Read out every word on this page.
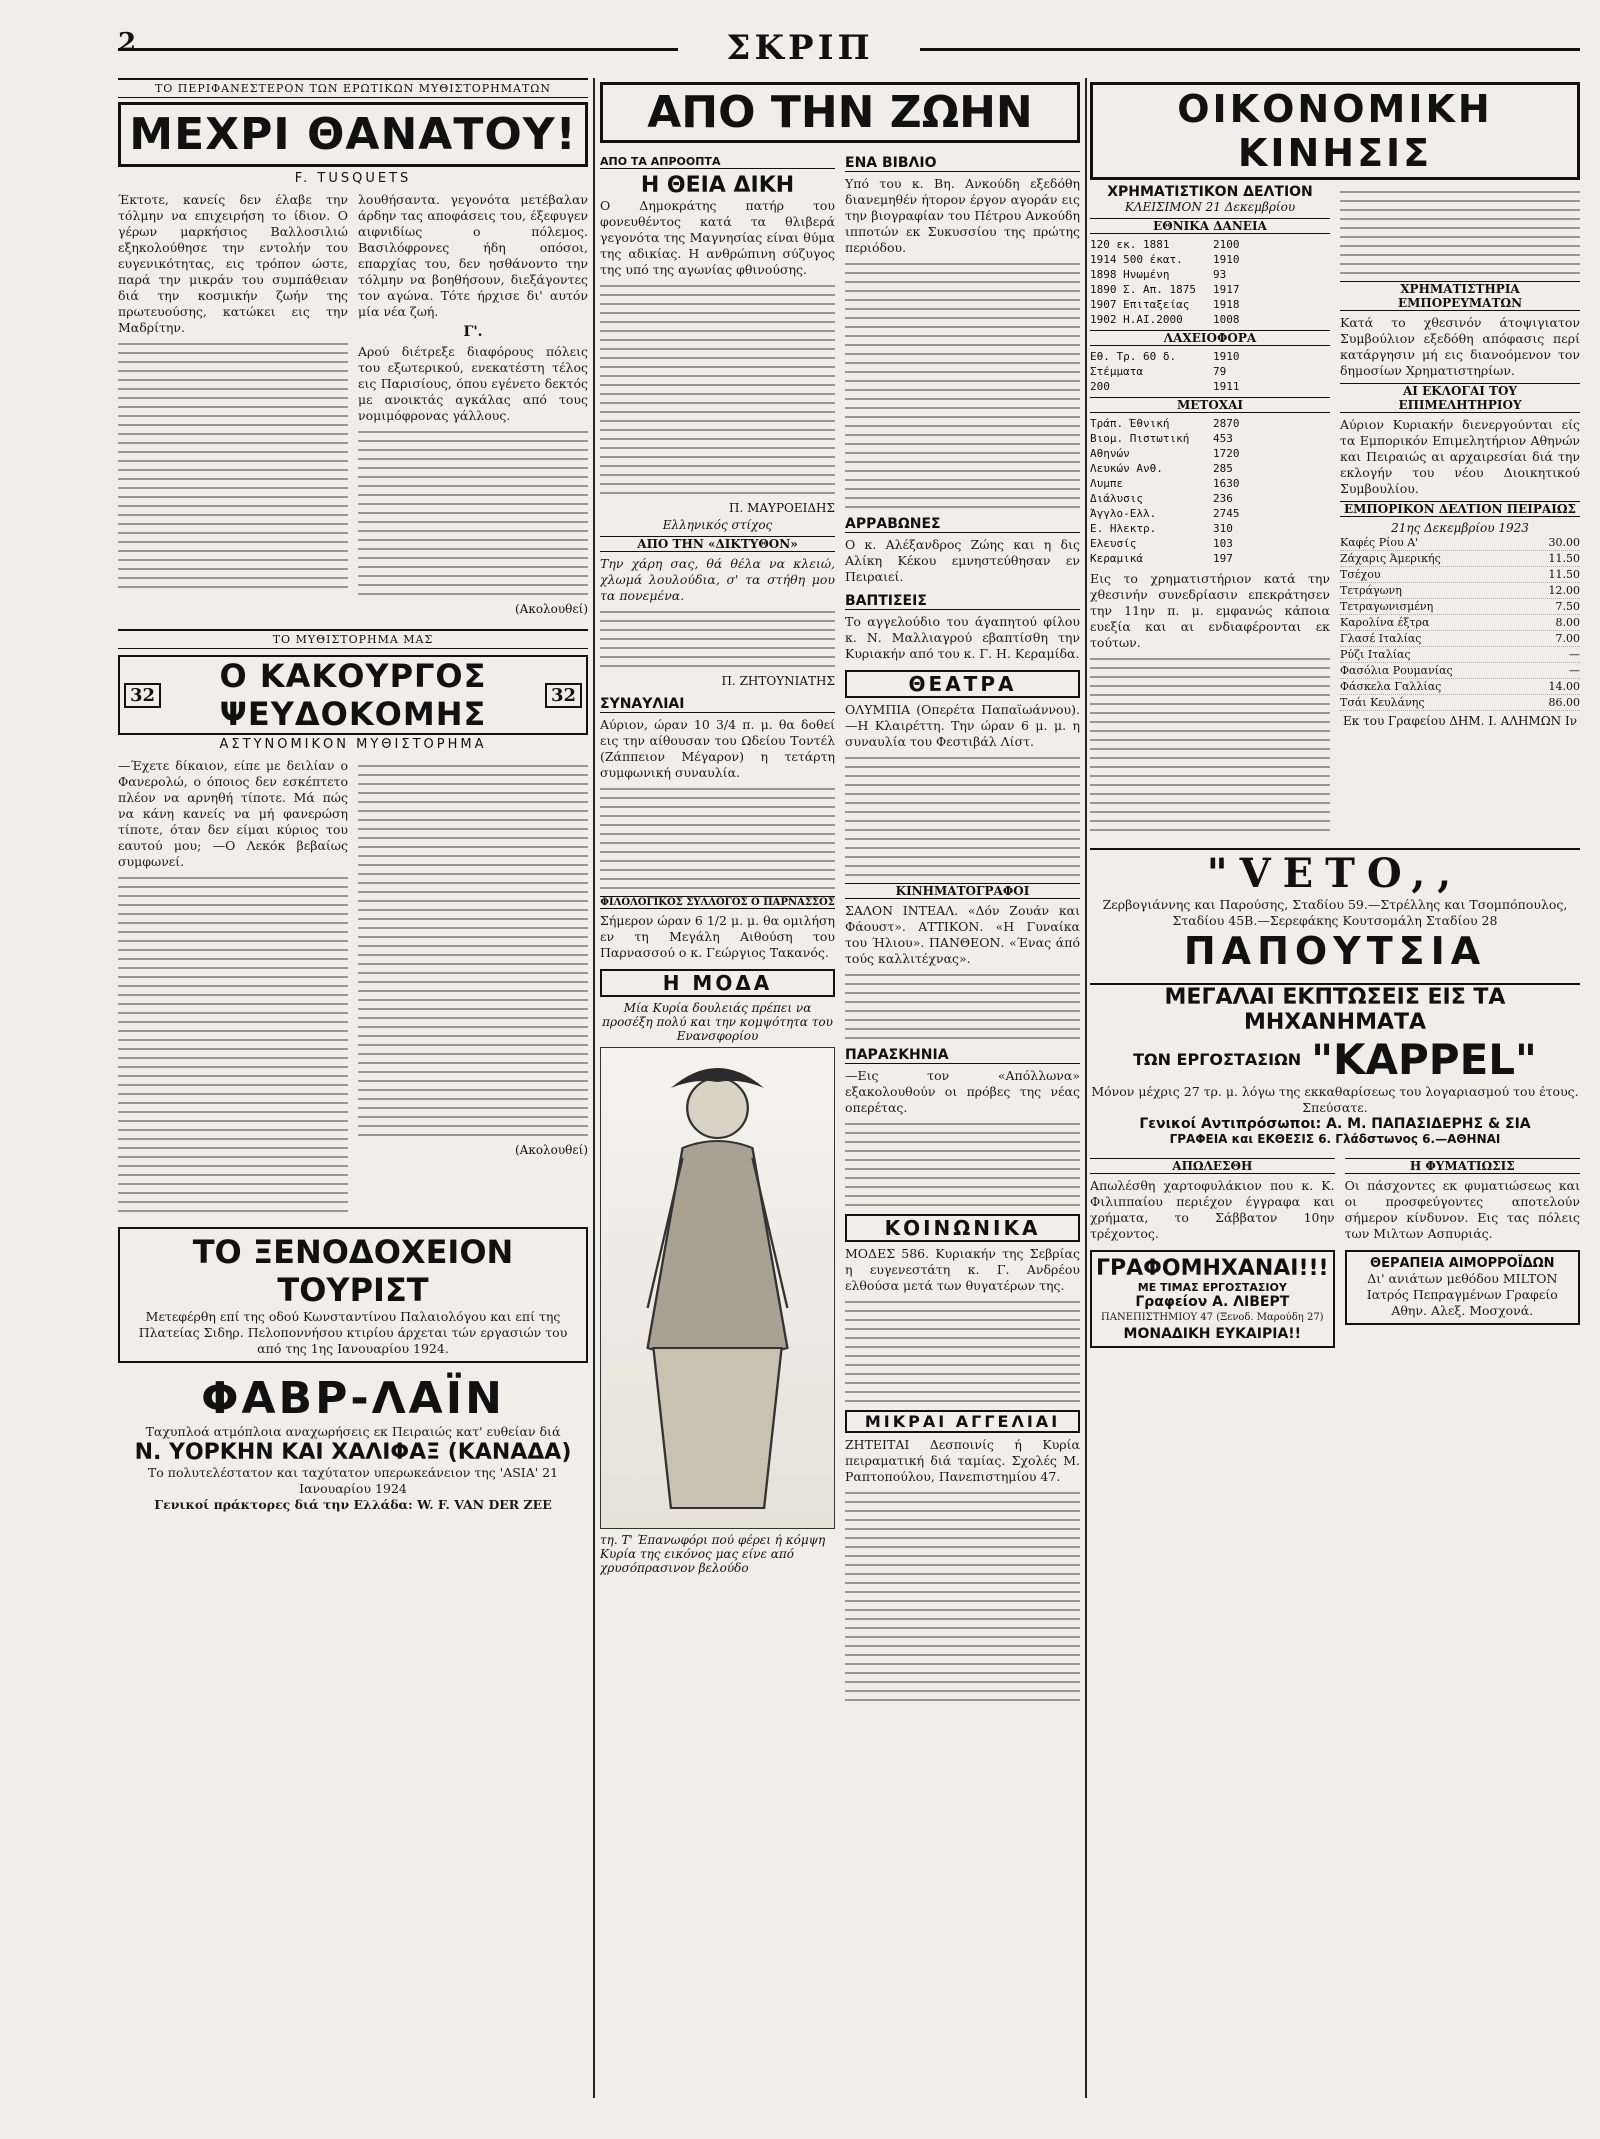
2	ΣΚΡΙΠ
ΤΟ ΠΕΡΙΦΑΝΕΣΤΕΡΟΝ ΤΩΝ ΕΡΩΤΙΚΩΝ ΜΥΘΙΣΤΟΡΗΜΑΤΩΝ
ΜΕΧΡΙ ΘΑΝΑΤΟΥ!
F. TUSQUETS
Έκτοτε, κανείς δεν έλαβε την τόλμην να επιχειρήση το ίδιον. Ο γέρων μαρκήσιος Βαλλοσιλιώ εξηκολούθησε την εντολήν του ευγενικότητας, εις τρόπον ώστε, παρά την μικράν του συμπάθειαν διά την κοσμικήν ζωήν της πρωτευούσης, κατώκει εις την Μαδρίτην.
λουθήσαντα. γεγονότα μετέβαλαν άρδην τας αποφάσεις του, έξεφυγεν αιφνιδίως ο πόλεμος. Βασιλόφρονες ήδη οπόσοι, επαρχίας του, δεν ησθάνοντο την τόλμην να βοηθήσουν, διεξάγοντες τον αγώνα. Τότε ήρχισε δι' αυτόν μία νέα ζωή.
Γ'.
Αρού διέτρεξε διαφόρους πόλεις του εξωτερικού, ενεκατέστη τέλος εις Παρισίους, όπου εγένετο δεκτός με ανοικτάς αγκάλας από τους νομιμόφρονας γάλλους.
(Ακολουθεί)
ΤΟ ΜΥΘΙΣΤΟΡΗΜΑ ΜΑΣ
32	Ο ΚΑΚΟΥΡΓΟΣ ΨΕΥΔΟΚΟΜΗΣ	32
ΑΣΤΥΝΟΜΙΚΟΝ ΜΥΘΙΣΤΟΡΗΜΑ
—Έχετε δίκαιον, είπε με δειλίαν ο Φανερολώ, ο όποιος δεν εσκέπτετο πλέον να αρνηθή τίποτε. Μά πώς να κάνη κανείς να μή φανερώση τίποτε, όταν δεν είμαι κύριος του εαυτού μου; —Ο Λεκόκ βεβαίως συμφωνεί.
(Ακολουθεί)
ΤΟ ΞΕΝΟΔΟΧΕΙΟΝ ΤΟΥΡΙΣΤ
Μετεφέρθη επί της οδού Κωνσταντίνου Παλαιολόγου και επί της Πλατείας Σιδηρ. Πελοποννήσου κτιρίου άρχεται τών εργασιών του από της 1ης Ιανουαρίου 1924.
ΦΑΒΡ-ΛΑΪΝ
Ταχυπλοά ατμόπλοια αναχωρήσεις εκ Πειραιώς κατ' ευθείαν διά
Ν. ΥΟΡΚΗΝ ΚΑΙ ΧΑΛΙΦΑΞ (ΚΑΝΑΔΑ)
Το πολυτελέστατον και ταχύτατον υπερωκεάνειον της 'ASIA' 21 Ιανουαρίου 1924
Γενικοί πράκτορες διά την Ελλάδα: W. F. VAN DER ZEE
ΑΠΟ ΤΗΝ ΖΩΗΝ
ΑΠΟ ΤΑ ΑΠΡΟΟΠΤΑ
Η ΘΕΙΑ ΔΙΚΗ
Ο Δημοκράτης πατήρ του φονευθέντος κατά τα θλιβερά γεγονότα της Μαγνησίας είναι θύμα της αδικίας. Η ανθρώπινη σύζυγος της υπό της αγωνίας φθινούσης.
Π. ΜΑΥΡΟΕΙΔΗΣ
Ελληνικός στίχος
ΑΠΟ ΤΗΝ «ΔΙΚΤΥΘΟΝ»
Την χάρη σας, θά θέλα να κλειώ, χλωμά λουλούδια, σ' τα στήθη μου τα πονεμένα.
Π. ΖΗΤΟΥΝΙΑΤΗΣ
ΣΥΝΑΥΛΙΑΙ
Αύριον, ώραν 10 3/4 π. μ. θα δοθεί εις την αίθουσαν του Ωδείου Τοντέλ (Ζάππειον Μέγαρον) η τετάρτη συμφωνική συναυλία.
ΦΙΛΟΛΟΓΙΚΟΣ ΣΥΛΛΟΓΟΣ Ο ΠΑΡΝΑΣΣΟΣ
Σήμερον ώραν 6 1/2 μ. μ. θα ομιλήση εν τη Μεγάλη Αιθούση του Παρνασσού ο κ. Γεώργιος Τακανός.
Η ΜΟΔΑ
Μία Κυρία δουλειάς πρέπει να προσέξη πολύ και την κομψότητα του Ενανσφορίου
τη. Τ' Έπανωφόρι πού φέρει ή κόμψη Κυρία της εικόνος μας είνε από χρυσόπρασινον βελούδο
ΕΝΑ ΒΙΒΛΙΟ
Υπό του κ. Βη. Ανκούδη εξεδόθη διανεμηθέν ήτορον έργον αγοράν εις την βιογραφίαν του Πέτρου Ανκούδη ιπποτών εκ Συκυσσίου της πρώτης περιόδου.
ΑΡΡΑΒΩΝΕΣ
Ο κ. Αλέξανδρος Ζώης και η δις Αλίκη Κέκου εμνηστεύθησαν εν Πειραιεί.
ΒΑΠΤΙΣΕΙΣ
Το αγγελούδιο του άγαπητού φίλου κ. Ν. Μαλλιαγρού εβαπτίσθη την Κυριακήν από του κ. Γ. Η. Κεραμίδα.
ΘΕΑΤΡΑ
ΟΛΥΜΠΙΑ (Οπερέτα Παπαϊωάννου). —Η Κλαιρέττη. Την ώραν 6 μ. μ. η συναυλία του Φεστιβάλ Λίστ.
ΚΙΝΗΜΑΤΟΓΡΑΦΟΙ
ΣΑΛΟΝ ΙΝΤΕΑΛ. «Δόν Ζουάν και Φάουστ». ΑΤΤΙΚΟΝ. «Η Γυναίκα του Ήλιου». ΠΑΝΘΕΟΝ. «Ένας άπό τούς καλλιτέχνας».
ΠΑΡΑΣΚΗΝΙΑ
—Εις τον «Απόλλωνα» εξακολουθούν οι πρόβες της νέας οπερέτας.
ΚΟΙΝΩΝΙΚΑ
ΜΟΔΕΣ 586. Κυριακήν της Σεβρίας η ευγενεστάτη κ. Γ. Ανδρέου ελθούσα μετά των θυγατέρων της.
ΜΙΚΡΑΙ ΑΓΓΕΛΙΑΙ
ΖΗΤΕΙΤΑΙ Δεσποινίς ή Κυρία πειραματική διά ταμίας. Σχολές Μ. Ραπτοπούλου, Πανεπιστημίου 47.
ΟΙΚΟΝΟΜΙΚΗ ΚΙΝΗΣΙΣ
ΧΡΗΜΑΤΙΣΤΙΚΟΝ ΔΕΛΤΙΟΝ
ΚΛΕΙΣΙΜΟΝ 21 Δεκεμβρίου
ΕΘΝΙΚΑ ΔΑΝΕΙΑ
120 εκ. 1881	2100
1914 500 έκατ.	1910
1898 Ηνωμένη	93
1890 Σ. Απ. 1875	1917
1907 Επιταξείας	1918
1902 Η.ΑΙ.2000	1008
ΛΑΧΕΙΟΦΟΡΑ
Εθ. Τρ. 60 δ.	1910
Στέμματα	79
200	1911
ΜΕΤΟΧΑΙ
Τράπ. Έθνική	2870
Βιομ. Πιστωτική	453
Αθηνών	1720
Λευκών Ανθ.	285
Λυμπε	1630
Διάλυσις	236
Άγγλο-Ελλ.	2745
Ε. Ηλεκτρ.	310
Ελευσίς	103
Κεραμικά	197
Εις το χρηματιστήριον κατά την χθεσινήν συνεδρίασιν επεκράτησεν την 11ην π. μ. εμφανώς κάποια ευεξία και αι ενδιαφέρονται εκ τούτων.
ΧΡΗΜΑΤΙΣΤΗΡΙΑ ΕΜΠΟΡΕΥΜΑΤΩΝ
Κατά το χθεσινόν άτοψιγιατον Συμβούλιον εξεδόθη απόφασις περί κατάργησιν μή εις διανοόμενον τον δημοσίων Χρηματιστηρίων.
ΑΙ ΕΚΛΟΓΑΙ ΤΟΥ ΕΠΙΜΕΛΗΤΗΡΙΟΥ
Αύριον Κυριακήν διενεργούνται είς τα Εμπορικόν Επιμελητήριον Αθηνών και Πειραιώς αι αρχαιρεσίαι διά την εκλογήν του νέου Διοικητικού Συμβουλίου.
ΕΜΠΟΡΙΚΟΝ ΔΕΛΤΙΟΝ ΠΕΙΡΑΙΩΣ
21ης Δεκεμβρίου 1923
Καφές Ρίου Α'	30.00
Ζάχαρις Άμερικής	11.50
Τσέχου	11.50
Τετράγωνη	12.00
Τετραγωνισμένη	7.50
Καρολίνα έξτρα	8.00
Γλασέ Ιταλίας	7.00
Ρύζι Ιταλίας	—
Φασόλια Ρουμανίας	—
Φάσκελα Γαλλίας	14.00
Τσάι Κευλάνης	86.00
Εκ του Γραφείου ΔΗΜ. Ι. ΑΛΗΜΩΝ Ιν
"VETO,,
Ζερβογιάννης και Παρούσης, Σταδίου 59.—Στρέλλης και Τσομπόπουλος, Σταδίου 45Β.—Σερεφάκης Κουτσομάλη Σταδίου 28
ΠΑΠΟΥΤΣΙΑ
ΜΕΓΑΛΑΙ ΕΚΠΤΩΣΕΙΣ ΕΙΣ ΤΑ ΜΗΧΑΝΗΜΑΤΑ
ΤΩΝ ΕΡΓΟΣΤΑΣΙΩΝ "KAPPEL"
Μόνον μέχρις 27 τρ. μ. λόγω της εκκαθαρίσεως του λογαριασμού του έτους. Σπεύσατε.
Γενικοί Αντιπρόσωποι: Α. Μ. ΠΑΠΑΣΙΔΕΡΗΣ & ΣΙΑ
ΓΡΑΦΕΙΑ και ΕΚΘΕΣΙΣ 6. Γλάδστωνος 6.—ΑΘΗΝΑΙ
ΑΠΩΛΕΣΘΗ
Απωλέσθη χαρτοφυλάκιον που κ. Κ. Φιλιππαίου περιέχον έγγραφα και χρήματα, το Σάββατον 10ην τρέχοντος.
ΓΡΑΦΟΜΗΧΑΝΑΙ!!!
ΜΕ ΤΙΜΑΣ ΕΡΓΟΣΤΑΣΙΟΥ
Γραφείον Α. ΛΙΒΕΡΤ
ΠΑΝΕΠΙΣΤΗΜΙΟΥ 47 (Ξενοδ. Μαρούδη 27)
ΜΟΝΑΔΙΚΗ ΕΥΚΑΙΡΙΑ!!
Η ΦΥΜΑΤΙΩΣΙΣ
Οι πάσχοντες εκ φυματιώσεως και οι προσφεύγοντες αποτελούν σήμερον κίνδυνον. Εις τας πόλεις των Μιλτων Ασπυριάς.
ΘΕΡΑΠΕΙΑ ΑΙΜΟΡΡΟΪΔΩΝ
Δι' ανιάτων μεθόδου MILTON Ιατρός Πεπραγμένων Γραφείο Αθην. Αλεξ. Μοσχονά.
